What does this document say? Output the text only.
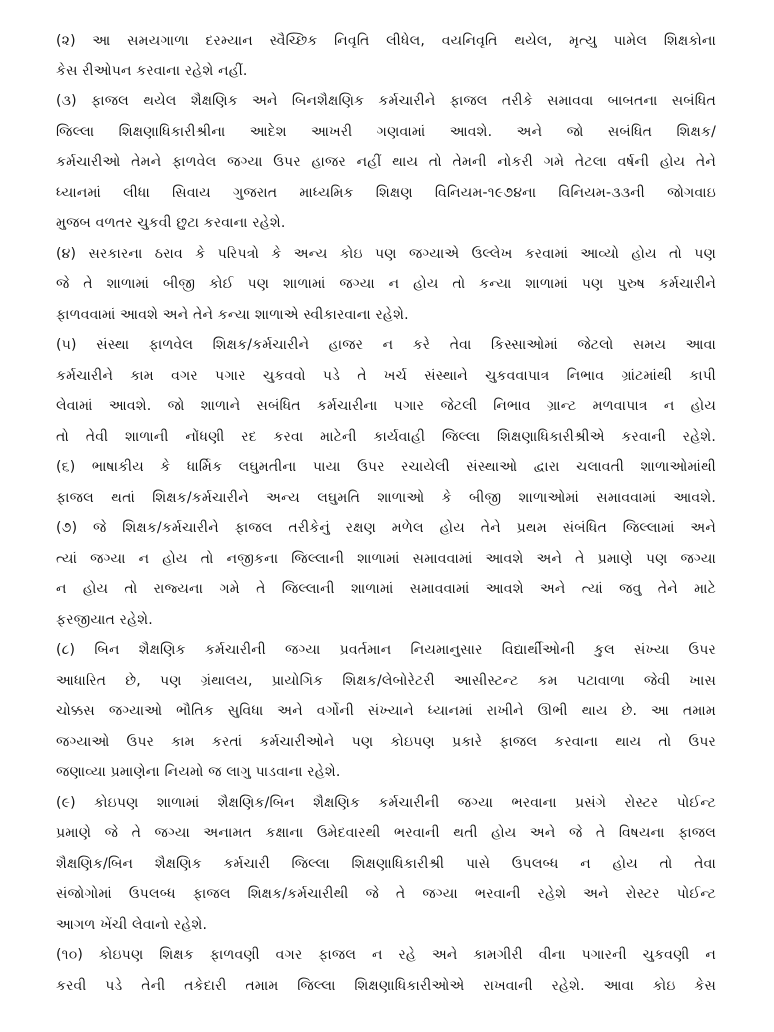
(૨) આ સમયગાળા દરમ્યાન સ્વૈચ્છિક નિવૃતિ લીધેલ, વયનિવૃતિ થયેલ, મૃત્યુ પામેલ શિક્ષકોના
કેસ રીઓપન કરવાના રહેશે નહીં.
(૩) ફાજલ થયેલ શૈક્ષણિક અને બિનશૈક્ષણિક કર્મચારીને ફાજલ તરીકે સમાવવા બાબતના સબંધિત
જિલ્લા શિક્ષણાધિકારીશ્રીના આદેશ આખરી ગણવામાં આવશે. અને જો સબંધિત શિક્ષક/
કર્મચારીઓ તેમને ફાળવેલ જગ્યા ઉપર હાજર નહીં થાય તો તેમની નોકરી ગમે તેટલા વર્ષની હોય તેને
ધ્યાનમાં લીધા સિવાય ગુજરાત માધ્યમિક શિક્ષણ વિનિયમ-૧૯૭૪ના વિનિયમ-૩૩ની જોગવાઇ
મુજબ વળતર ચુકવી છુટા કરવાના રહેશે.
(૪) સરકારના ઠરાવ કે પરિપત્રો કે અન્ય કોઇ પણ જગ્યાએ ઉલ્લેખ કરવામાં આવ્યો હોય તો પણ
જે તે શાળામાં બીજી કોઈ પણ શાળામાં જગ્યા ન હોય તો કન્યા શાળામાં પણ પુરુષ કર્મચારીને
ફાળવવામાં આવશે અને તેને કન્યા શાળાએ સ્વીકારવાના રહેશે.
(૫) સંસ્થા ફાળવેલ શિક્ષક/કર્મચારીને હાજર ન કરે તેવા કિસ્સાઓમાં જેટલો સમય આવા
કર્મચારીને કામ વગર પગાર ચુકવવો પડે તે ખર્ચ સંસ્થાને ચુકવવાપાત્ર નિભાવ ગ્રાંટમાંથી કાપી
લેવામાં આવશે. જો શાળાને સબંધિત કર્મચારીના પગાર જેટલી નિભાવ ગ્રાન્ટ મળવાપાત્ર ન હોય
તો તેવી શાળાની નોંધણી રદ કરવા માટેની કાર્યવાહી જિલ્લા શિક્ષણાધિકારીશ્રીએ કરવાની રહેશે.
(૬) ભાષાકીય કે ધાર્મિક લઘુમતીના પાયા ઉપર રચાયેલી સંસ્થાઓ દ્વારા ચલાવતી શાળાઓમાંથી
ફાજલ થતાં શિક્ષક/કર્મચારીને અન્ય લઘુમતિ શાળાઓ કે બીજી શાળાઓમાં સમાવવામાં આવશે.
(૭) જે શિક્ષક/કર્મચારીને ફાજલ તરીકેનું રક્ષણ મળેલ હોય તેને પ્રથમ સંબંધિત જિલ્લામાં અને
ત્યાં જગ્યા ન હોય તો નજીકના જિલ્લાની શાળામાં સમાવવામાં આવશે અને તે પ્રમાણે પણ જગ્યા
ન હોય તો રાજ્યના ગમે તે જિલ્લાની શાળામાં સમાવવામાં આવશે અને ત્યાં જવુ તેને માટે
ફરજીયાત રહેશે.
(૮) બિન શૈક્ષણિક કર્મચારીની જગ્યા પ્રવર્તમાન નિયમાનુસાર વિદ્યાર્થીઓની કુલ સંખ્યા ઉપર
આધારિત છે, પણ ગ્રંથાલય, પ્રાયોગિક શિક્ષક/લેબોરેટરી આસીસ્ટન્ટ કમ પટાવાળા જેવી ખાસ
ચોક્કસ જગ્યાઓ ભૌતિક સુવિધા અને વર્ગોની સંખ્યાને ધ્યાનમાં રાખીને ઊભી થાય છે. આ તમામ
જગ્યાઓ ઉપર કામ કરતાં કર્મચારીઓને પણ કોઇપણ પ્રકારે ફાજલ કરવાના થાય તો ઉપર
જણાવ્યા પ્રમાણેના નિયમો જ લાગુ પાડવાના રહેશે.
(૯) કોઇપણ શાળામાં શૈક્ષણિક/બિન શૈક્ષણિક કર્મચારીની જગ્યા ભરવાના પ્રસંગે રોસ્ટર પોઈન્ટ
પ્રમાણે જે તે જગ્યા અનામત કક્ષાના ઉમેદવારથી ભરવાની થતી હોય અને જે તે વિષયના ફાજલ
શૈક્ષણિક/બિન શૈક્ષણિક કર્મચારી જિલ્લા શિક્ષણાધિકારીશ્રી પાસે ઉપલબ્ધ ન હોય તો તેવા
સંજોગોમાં ઉપલબ્ધ ફાજલ શિક્ષક/કર્મચારીથી જે તે જગ્યા ભરવાની રહેશે અને રોસ્ટર પોઈન્ટ
આગળ ખેંચી લેવાનો રહેશે.
(૧૦) કોઇપણ શિક્ષક ફાળવણી વગર ફાજલ ન રહે અને કામગીરી વીના પગારની ચુકવણી ન
કરવી પડે તેની તકેદારી તમામ જિલ્લા શિક્ષણાધિકારીઓએ રાખવાની રહેશે. આવા કોઇ કેસ
